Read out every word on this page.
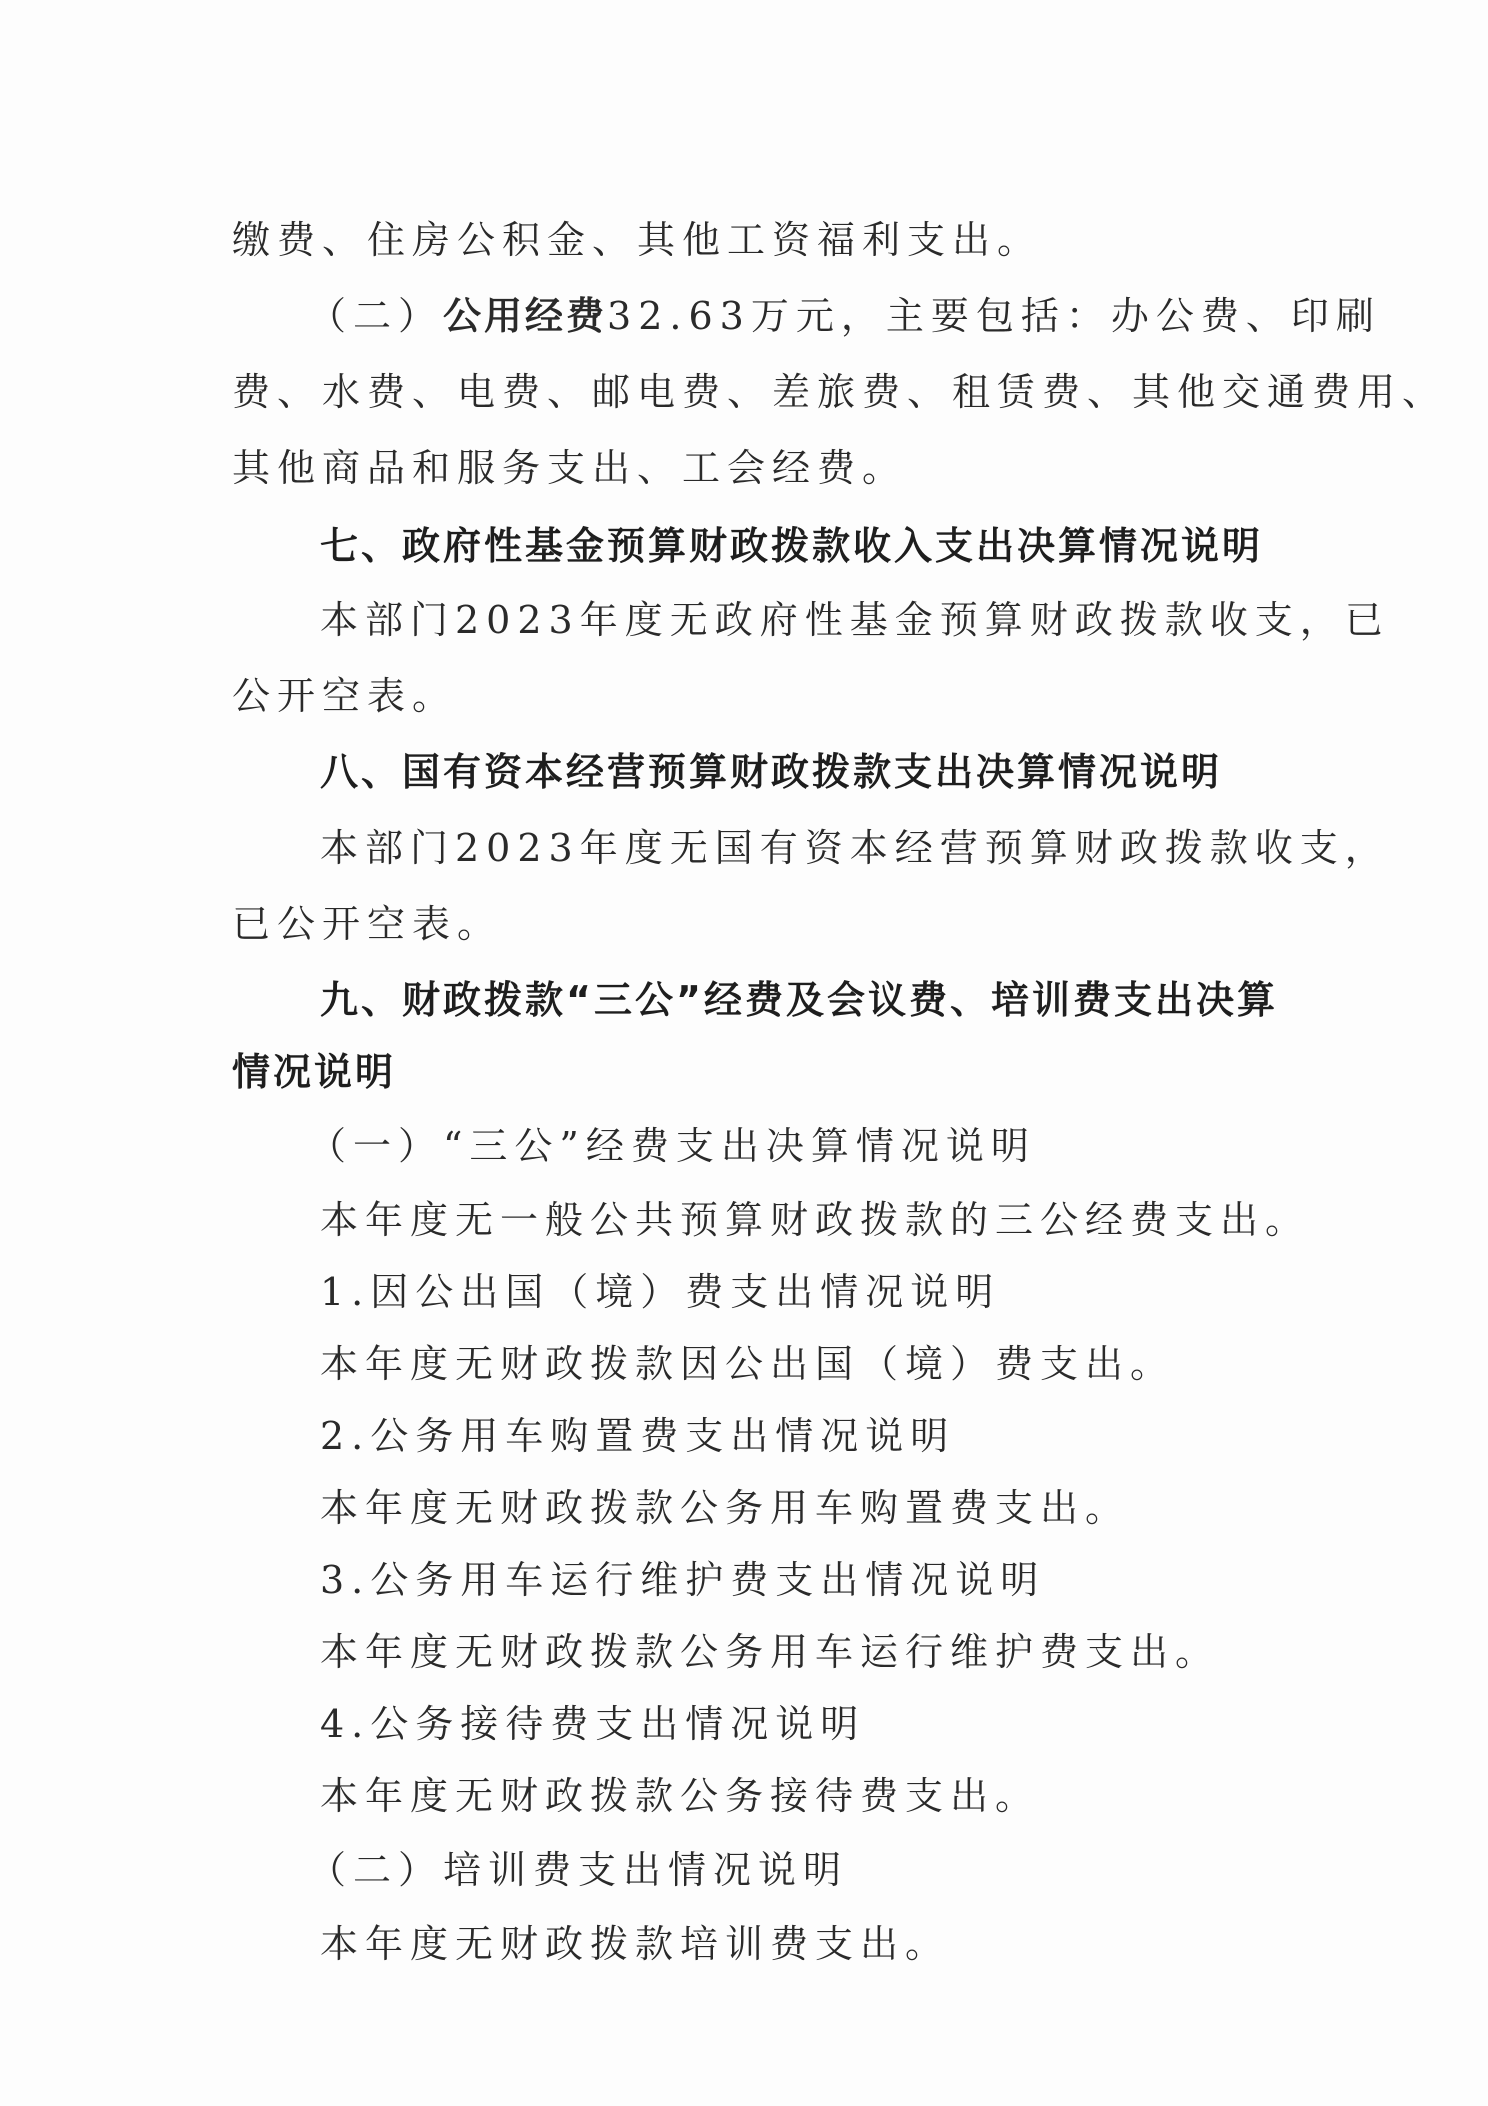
缴费、住房公积金、其他工资福利支出。
（二）公用经费32.63万元，主要包括：办公费、印刷
费、水费、电费、邮电费、差旅费、租赁费、其他交通费用、
其他商品和服务支出、工会经费。
七、政府性基金预算财政拨款收入支出决算情况说明
本部门2023年度无政府性基金预算财政拨款收支，已
公开空表。
八、国有资本经营预算财政拨款支出决算情况说明
本部门2023年度无国有资本经营预算财政拨款收支，
已公开空表。
九、财政拨款“三公”经费及会议费、培训费支出决算
情况说明
（一）“三公”经费支出决算情况说明
本年度无一般公共预算财政拨款的三公经费支出。
1.因公出国（境）费支出情况说明
本年度无财政拨款因公出国（境）费支出。
2.公务用车购置费支出情况说明
本年度无财政拨款公务用车购置费支出。
3.公务用车运行维护费支出情况说明
本年度无财政拨款公务用车运行维护费支出。
4.公务接待费支出情况说明
本年度无财政拨款公务接待费支出。
（二）培训费支出情况说明
本年度无财政拨款培训费支出。
